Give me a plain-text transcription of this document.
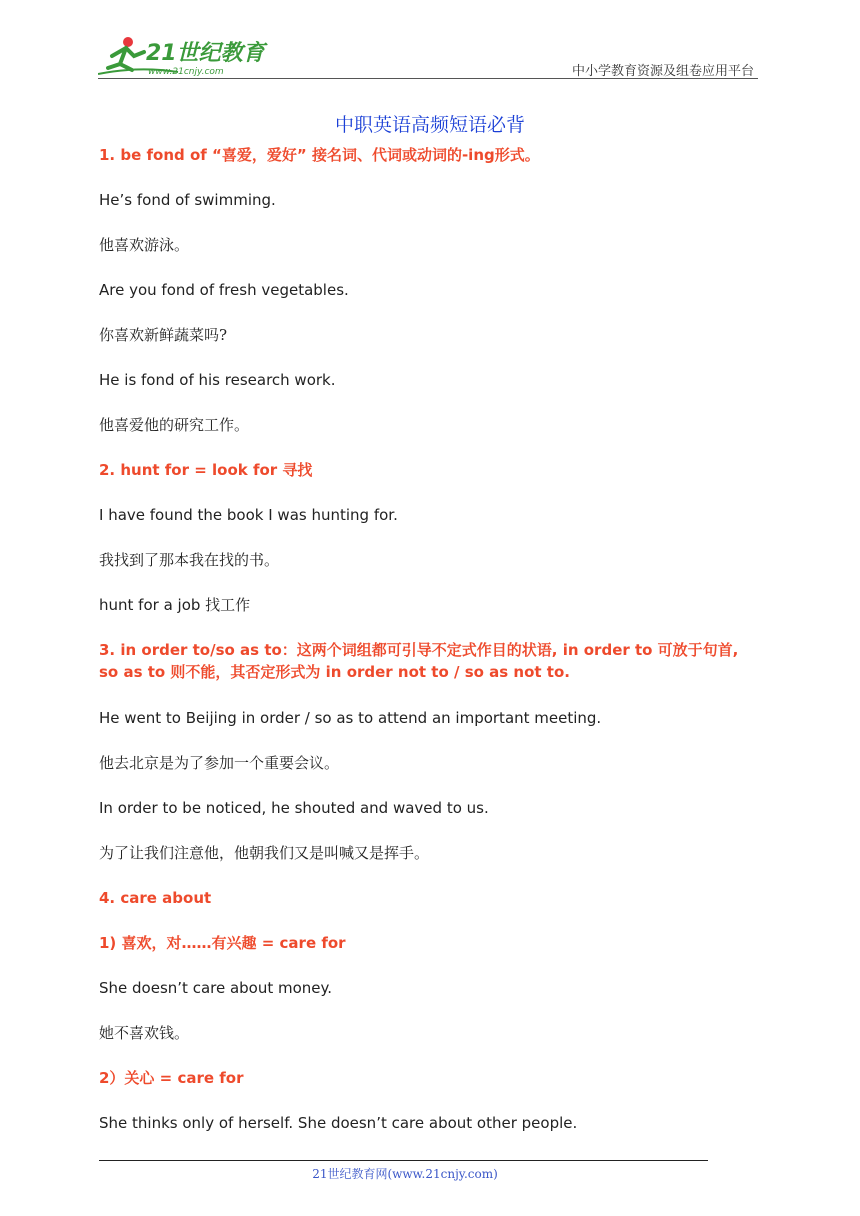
21世纪教育
www.21cnjy.com	中小学教育资源及组卷应用平台
中职英语高频短语必背
1. be fond of “喜爱，爱好” 接名词、代词或动词的-ing形式。
He’s fond of swimming.
他喜欢游泳。
Are you fond of fresh vegetables.
你喜欢新鲜蔬菜吗?
He is fond of his research work.
他喜爱他的研究工作。
2. hunt for = look for 寻找
I have found the book I was hunting for.
我找到了那本我在找的书。
hunt for a job 找工作
3. in order to/so as to：这两个词组都可引导不定式作目的状语, in order to 可放于句首,
so as to 则不能，其否定形式为 in order not to / so as not to.
He went to Beijing in order / so as to attend an important meeting.
他去北京是为了参加一个重要会议。
In order to be noticed, he shouted and waved to us.
为了让我们注意他，他朝我们又是叫喊又是挥手。
4. care about
1) 喜欢，对……有兴趣 = care for
She doesn’t care about money.
她不喜欢钱。
2）关心 = care for
She thinks only of herself. She doesn’t care about other people.
21世纪教育网(www.21cnjy.com)
